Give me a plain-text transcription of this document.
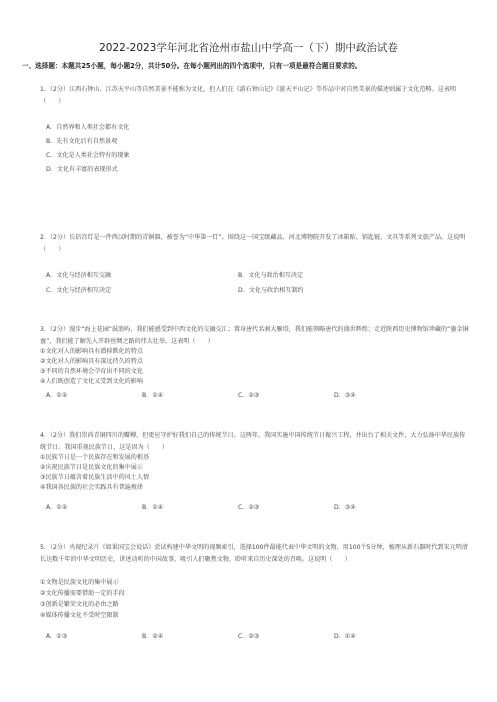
2022-2023学年河北省沧州市盐山中学高一（下）期中政治试卷
一、选择题：本题共25小题，每小题2分，共计50分。在每小题列出的四个选项中，只有一项是最符合题目要求的。
1．（2分）江西石钟山、江苏天平山等自然美景不能称为文化，但人们在《游石钟山记》《游天平山记》等作品中对自然美景的描述则属于文化范畴。这表明（　　）
A．自然界和人类社会都有文化
B．先有文化后有自然景观
C．文化是人类社会特有的现象
D．文化有丰富的表现形式
2．（2分）长信宫灯是一件西汉时期的青铜器，被誉为“中华第一灯”。围绕这一国宝级藏品，河北博物院开发了冰箱贴、钥匙链、文具等系列文旅产品。这说明（　　）
A．文化与经济相互交融	B．文化与政治相互决定
C．文化与经济相互决定	D．文化与政治相互制约
3．（2分）漫步“海上花园”鼓浪屿，我们能感受到中西文化的交融交汇；置身唐代名刹大雁塔，我们能领略唐代的盛世辉煌；走近陕西历史博物馆珍藏的“鎏金铜蚕”，我们能了解先人开辟丝绸之路的伟大壮举。这表明（　　）
①文化对人的影响具有潜移默化的特点
②文化对人的影响具有深远持久的特点
③不同的自然环境会孕育出不同的文化
④人们既创造了文化又受到文化的影响
A．①②	B．①④	C．②③	D．③④
4．（2分）我们崇尚青铜四川的瓣樽，但更应守护好我们自己的传统节日。这两年，我国实施中国传统节日振兴工程，并出台了相关文件，大力弘扬中华民族传统节日。我国重视民族节日，这是因为（　　）
①民族节日是一个民族存在和发展的根基
②庆祝民族节日是民族文化的集中展示
③民族节日蕴含着民族生活中的风土人情
④我国各民族的社会实践具有普遍规律
A．①②	B．①④	C．②③	D．③④
5．（2分）央视纪录片《如果国宝会说话》尝试构建中华文明的视频索引，选择100件最能代表中华文明的文物，用100个5分钟，梳理从新石器时代到宋元明清长达数千年的中华文明历史，讲述动听的中国故事，吸引人们聚焦文物，聆听来自历史深处的召唤。这说明（　　）
①文物是民族文化的集中展示
②文化传播需要借助一定的手段
③创新是繁荣文化的必由之路
④媒体传播文化不受时空限制
A．①③	B．②④	C．②③	D．①④
